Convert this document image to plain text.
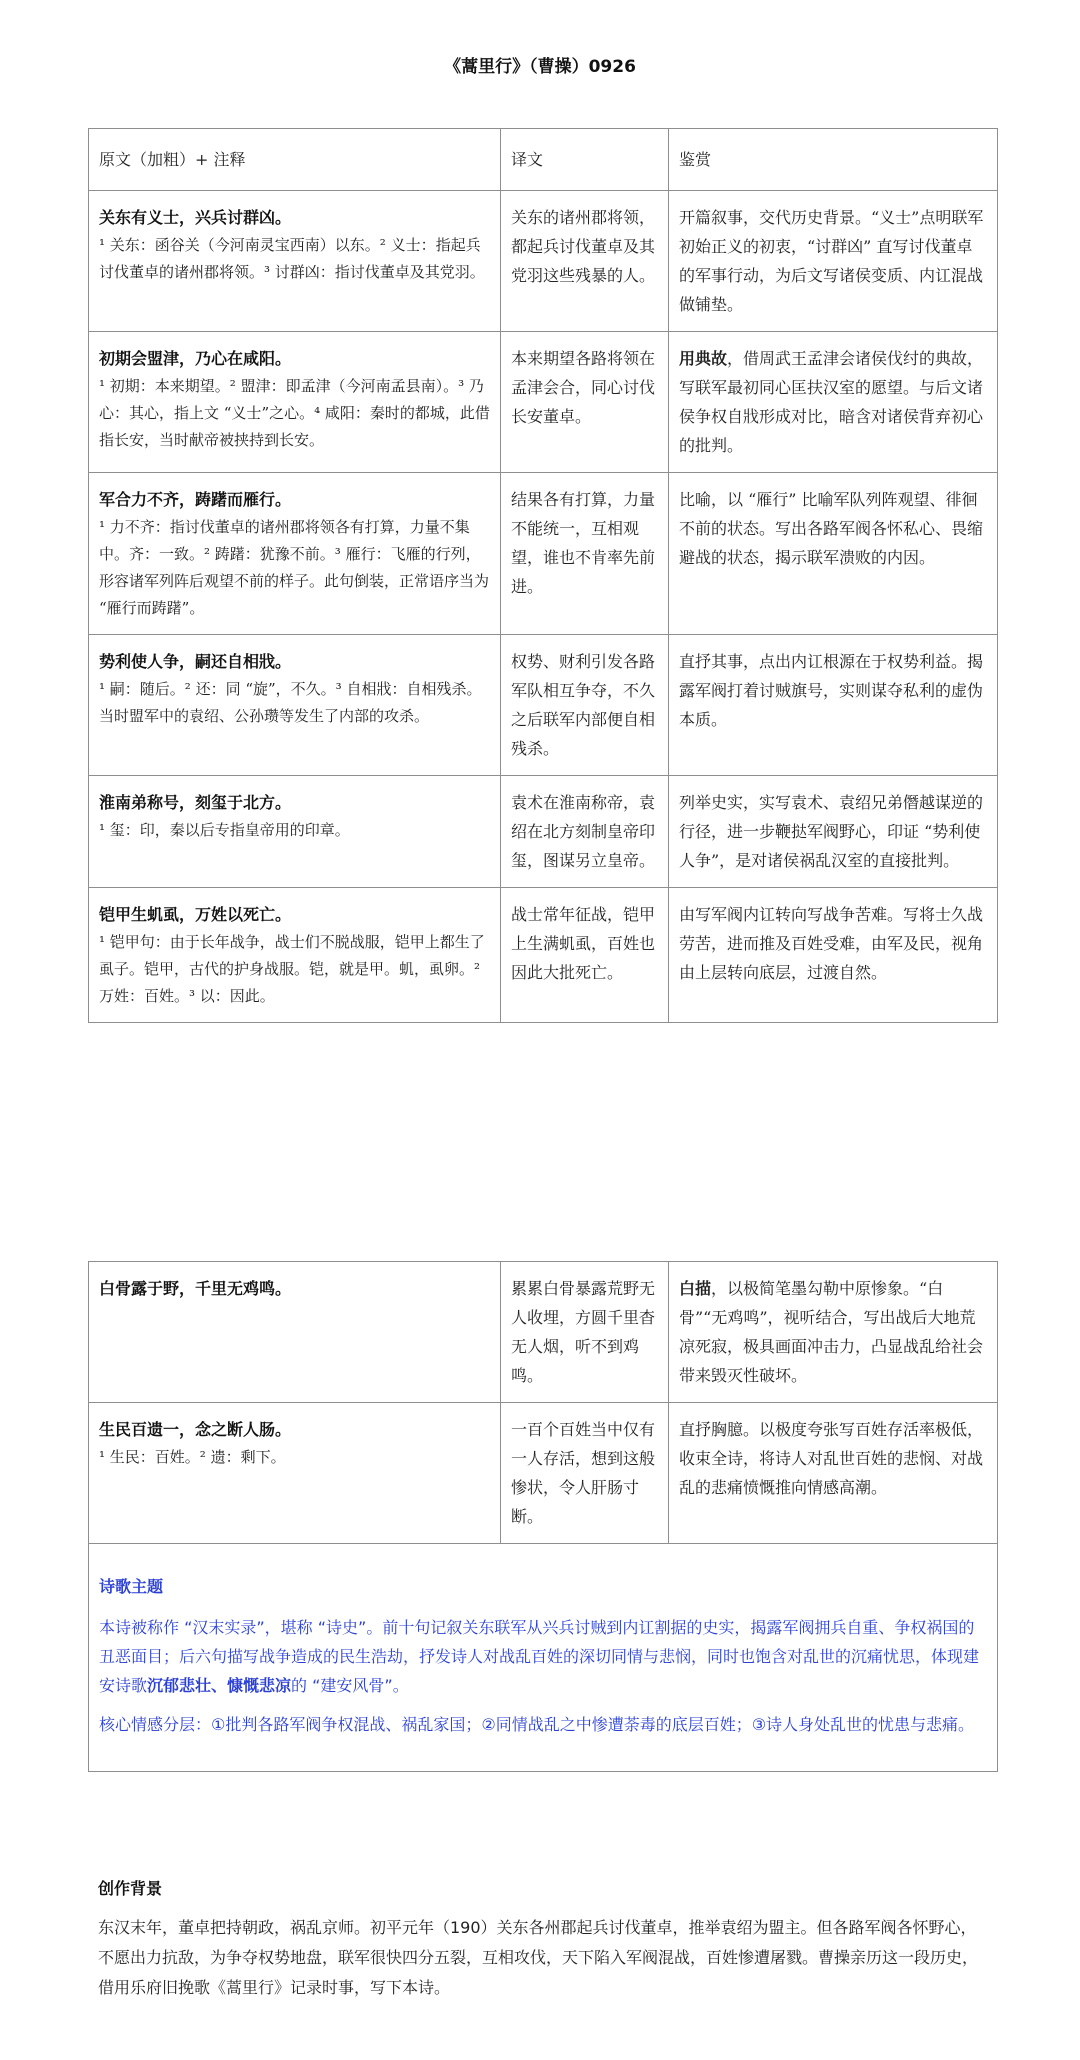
《蒿里行》（曹操）0926
原文（加粗）+ 注释	译文	鉴赏

关东有义士，兴兵讨群凶。
¹ 关东：函谷关（今河南灵宝西南）以东。² 义士：指起兵讨伐董卓的诸州郡将领。³ 讨群凶：指讨伐董卓及其党羽。	关东的诸州郡将领，都起兵讨伐董卓及其党羽这些残暴的人。	开篇叙事，交代历史背景。“义士”点明联军初始正义的初衷，“讨群凶” 直写讨伐董卓的军事行动，为后文写诸侯变质、内讧混战做铺垫。

初期会盟津，乃心在咸阳。
¹ 初期：本来期望。² 盟津：即孟津（今河南孟县南）。³ 乃心：其心，指上文 “义士”之心。⁴ 咸阳：秦时的都城，此借指长安，当时献帝被挟持到长安。	本来期望各路将领在孟津会合，同心讨伐长安董卓。	用典故，借周武王孟津会诸侯伐纣的典故，写联军最初同心匡扶汉室的愿望。与后文诸侯争权自戕形成对比，暗含对诸侯背弃初心的批判。

军合力不齐，踌躇而雁行。
¹ 力不齐：指讨伐董卓的诸州郡将领各有打算，力量不集中。齐：一致。² 踌躇：犹豫不前。³ 雁行：飞雁的行列，形容诸军列阵后观望不前的样子。此句倒装，正常语序当为 “雁行而踌躇”。	结果各有打算，力量不能统一，互相观望，谁也不肯率先前进。	比喻，以 “雁行” 比喻军队列阵观望、徘徊不前的状态。写出各路军阀各怀私心、畏缩避战的状态，揭示联军溃败的内因。

势利使人争，嗣还自相戕。
¹ 嗣：随后。² 还：同 “旋”，不久。³ 自相戕：自相残杀。当时盟军中的袁绍、公孙瓒等发生了内部的攻杀。	权势、财利引发各路军队相互争夺，不久之后联军内部便自相残杀。	直抒其事，点出内讧根源在于权势利益。揭露军阀打着讨贼旗号，实则谋夺私利的虚伪本质。

淮南弟称号，刻玺于北方。
¹ 玺：印，秦以后专指皇帝用的印章。	袁术在淮南称帝，袁绍在北方刻制皇帝印玺，图谋另立皇帝。	列举史实，实写袁术、袁绍兄弟僭越谋逆的行径，进一步鞭挞军阀野心，印证 “势利使人争”，是对诸侯祸乱汉室的直接批判。

铠甲生虮虱，万姓以死亡。
¹ 铠甲句：由于长年战争，战士们不脱战服，铠甲上都生了虱子。铠甲，古代的护身战服。铠，就是甲。虮，虱卵。² 万姓：百姓。³ 以：因此。	战士常年征战，铠甲上生满虮虱，百姓也因此大批死亡。	由写军阀内讧转向写战争苦难。写将士久战劳苦，进而推及百姓受难，由军及民，视角由上层转向底层，过渡自然。
白骨露于野，千里无鸡鸣。	累累白骨暴露荒野无人收埋，方圆千里杳无人烟，听不到鸡鸣。	白描，以极简笔墨勾勒中原惨象。“白骨”“无鸡鸣”，视听结合，写出战后大地荒凉死寂，极具画面冲击力，凸显战乱给社会带来毁灭性破坏。

生民百遗一，念之断人肠。
¹ 生民：百姓。² 遗：剩下。	一百个百姓当中仅有一人存活，想到这般惨状，令人肝肠寸断。	直抒胸臆。以极度夸张写百姓存活率极低，收束全诗，将诗人对乱世百姓的悲悯、对战乱的悲痛愤慨推向情感高潮。

诗歌主题

本诗被称作 “汉末实录”，堪称 “诗史”。前十句记叙关东联军从兴兵讨贼到内讧割据的史实，揭露军阀拥兵自重、争权祸国的丑恶面目；后六句描写战争造成的民生浩劫，抒发诗人对战乱百姓的深切同情与悲悯，同时也饱含对乱世的沉痛忧思，体现建安诗歌沉郁悲壮、慷慨悲凉的 “建安风骨”。

核心情感分层：①批判各路军阀争权混战、祸乱家国；②同情战乱之中惨遭荼毒的底层百姓；③诗人身处乱世的忧患与悲痛。		

创作背景
东汉末年，董卓把持朝政，祸乱京师。初平元年（190）关东各州郡起兵讨伐董卓，推举袁绍为盟主。但各路军阀各怀野心，不愿出力抗敌，为争夺权势地盘，联军很快四分五裂，互相攻伐，天下陷入军阀混战，百姓惨遭屠戮。曹操亲历这一段历史，借用乐府旧挽歌《蒿里行》记录时事，写下本诗。
